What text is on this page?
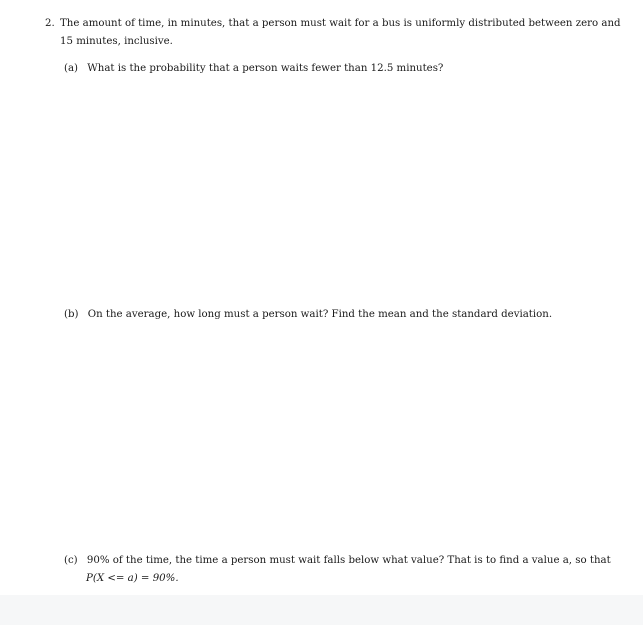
2. The amount of time, in minutes, that a person must wait for a bus is uniformly distributed between zero and
15 minutes, inclusive.
(a) What is the probability that a person waits fewer than 12.5 minutes?
(b) On the average, how long must a person wait? Find the mean and the standard deviation.
(c) 90% of the time, the time a person must wait falls below what value? That is to find a value a, so that
P(X <= a) = 90%.
